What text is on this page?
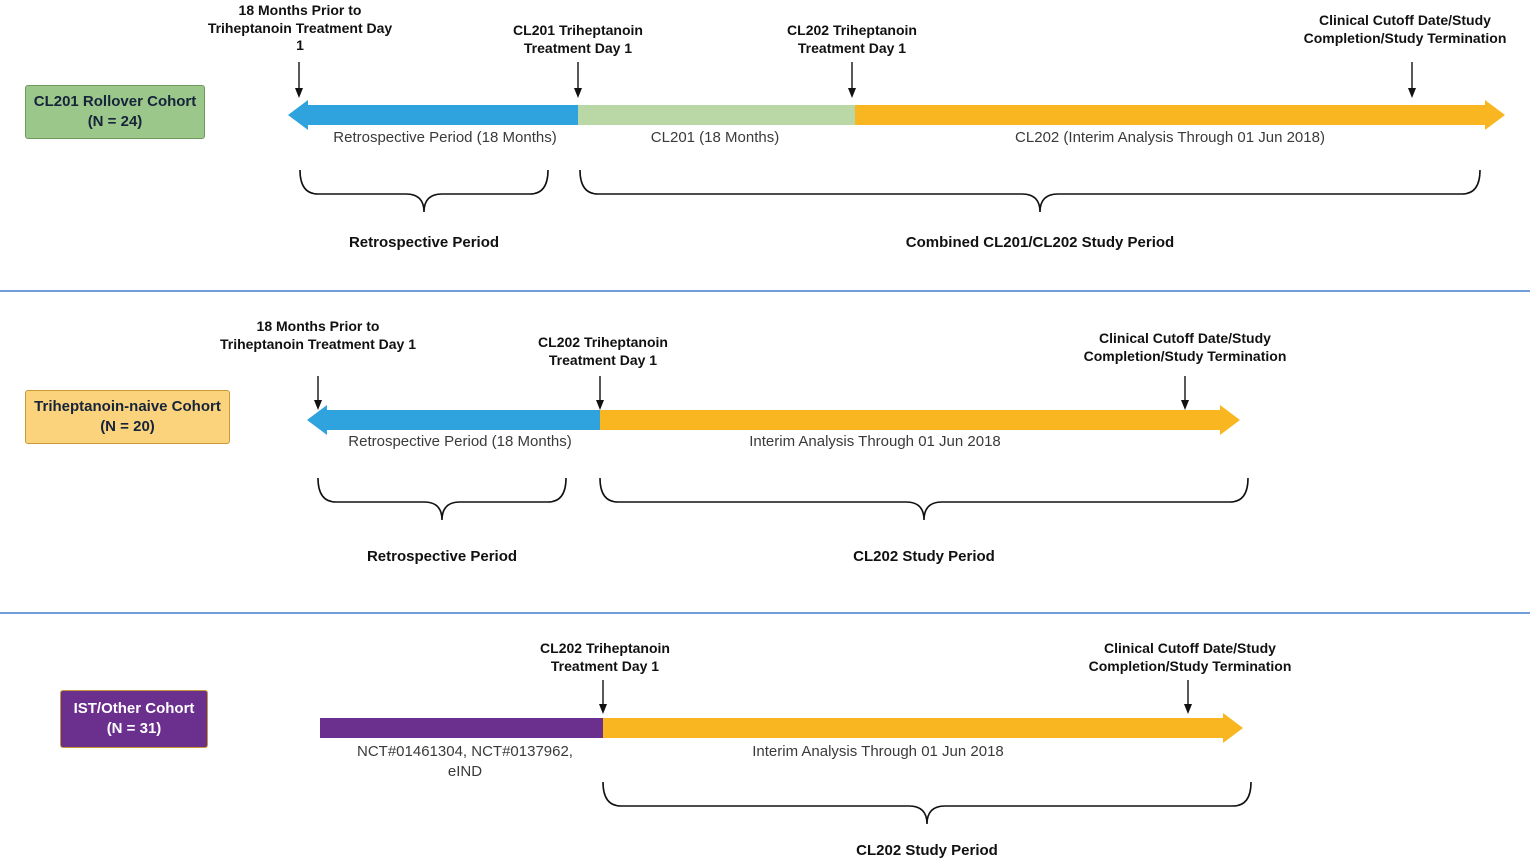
18 Months Prior to Triheptanoin Treatment Day 1
CL201 Triheptanoin Treatment Day 1
CL202 Triheptanoin Treatment Day 1
Clinical Cutoff Date/Study Completion/Study Termination
CL201 Rollover Cohort (N = 24)
Retrospective Period (18 Months)	CL201 (18 Months)	CL202 (Interim Analysis Through 01 Jun 2018)
Retrospective Period	Combined CL201/CL202 Study Period
18 Months Prior to Triheptanoin Treatment Day 1	CL202 Triheptanoin Treatment Day 1
Clinical Cutoff Date/Study Completion/Study Termination
Triheptanoin-naive Cohort (N = 20)
Retrospective Period (18 Months)	Interim Analysis Through 01 Jun 2018
Retrospective Period	CL202 Study Period
CL202 Triheptanoin Treatment Day 1
Clinical Cutoff Date/Study Completion/Study Termination
IST/Other Cohort (N = 31)
NCT#01461304, NCT#0137962, eIND
Interim Analysis Through 01 Jun 2018
CL202 Study Period
